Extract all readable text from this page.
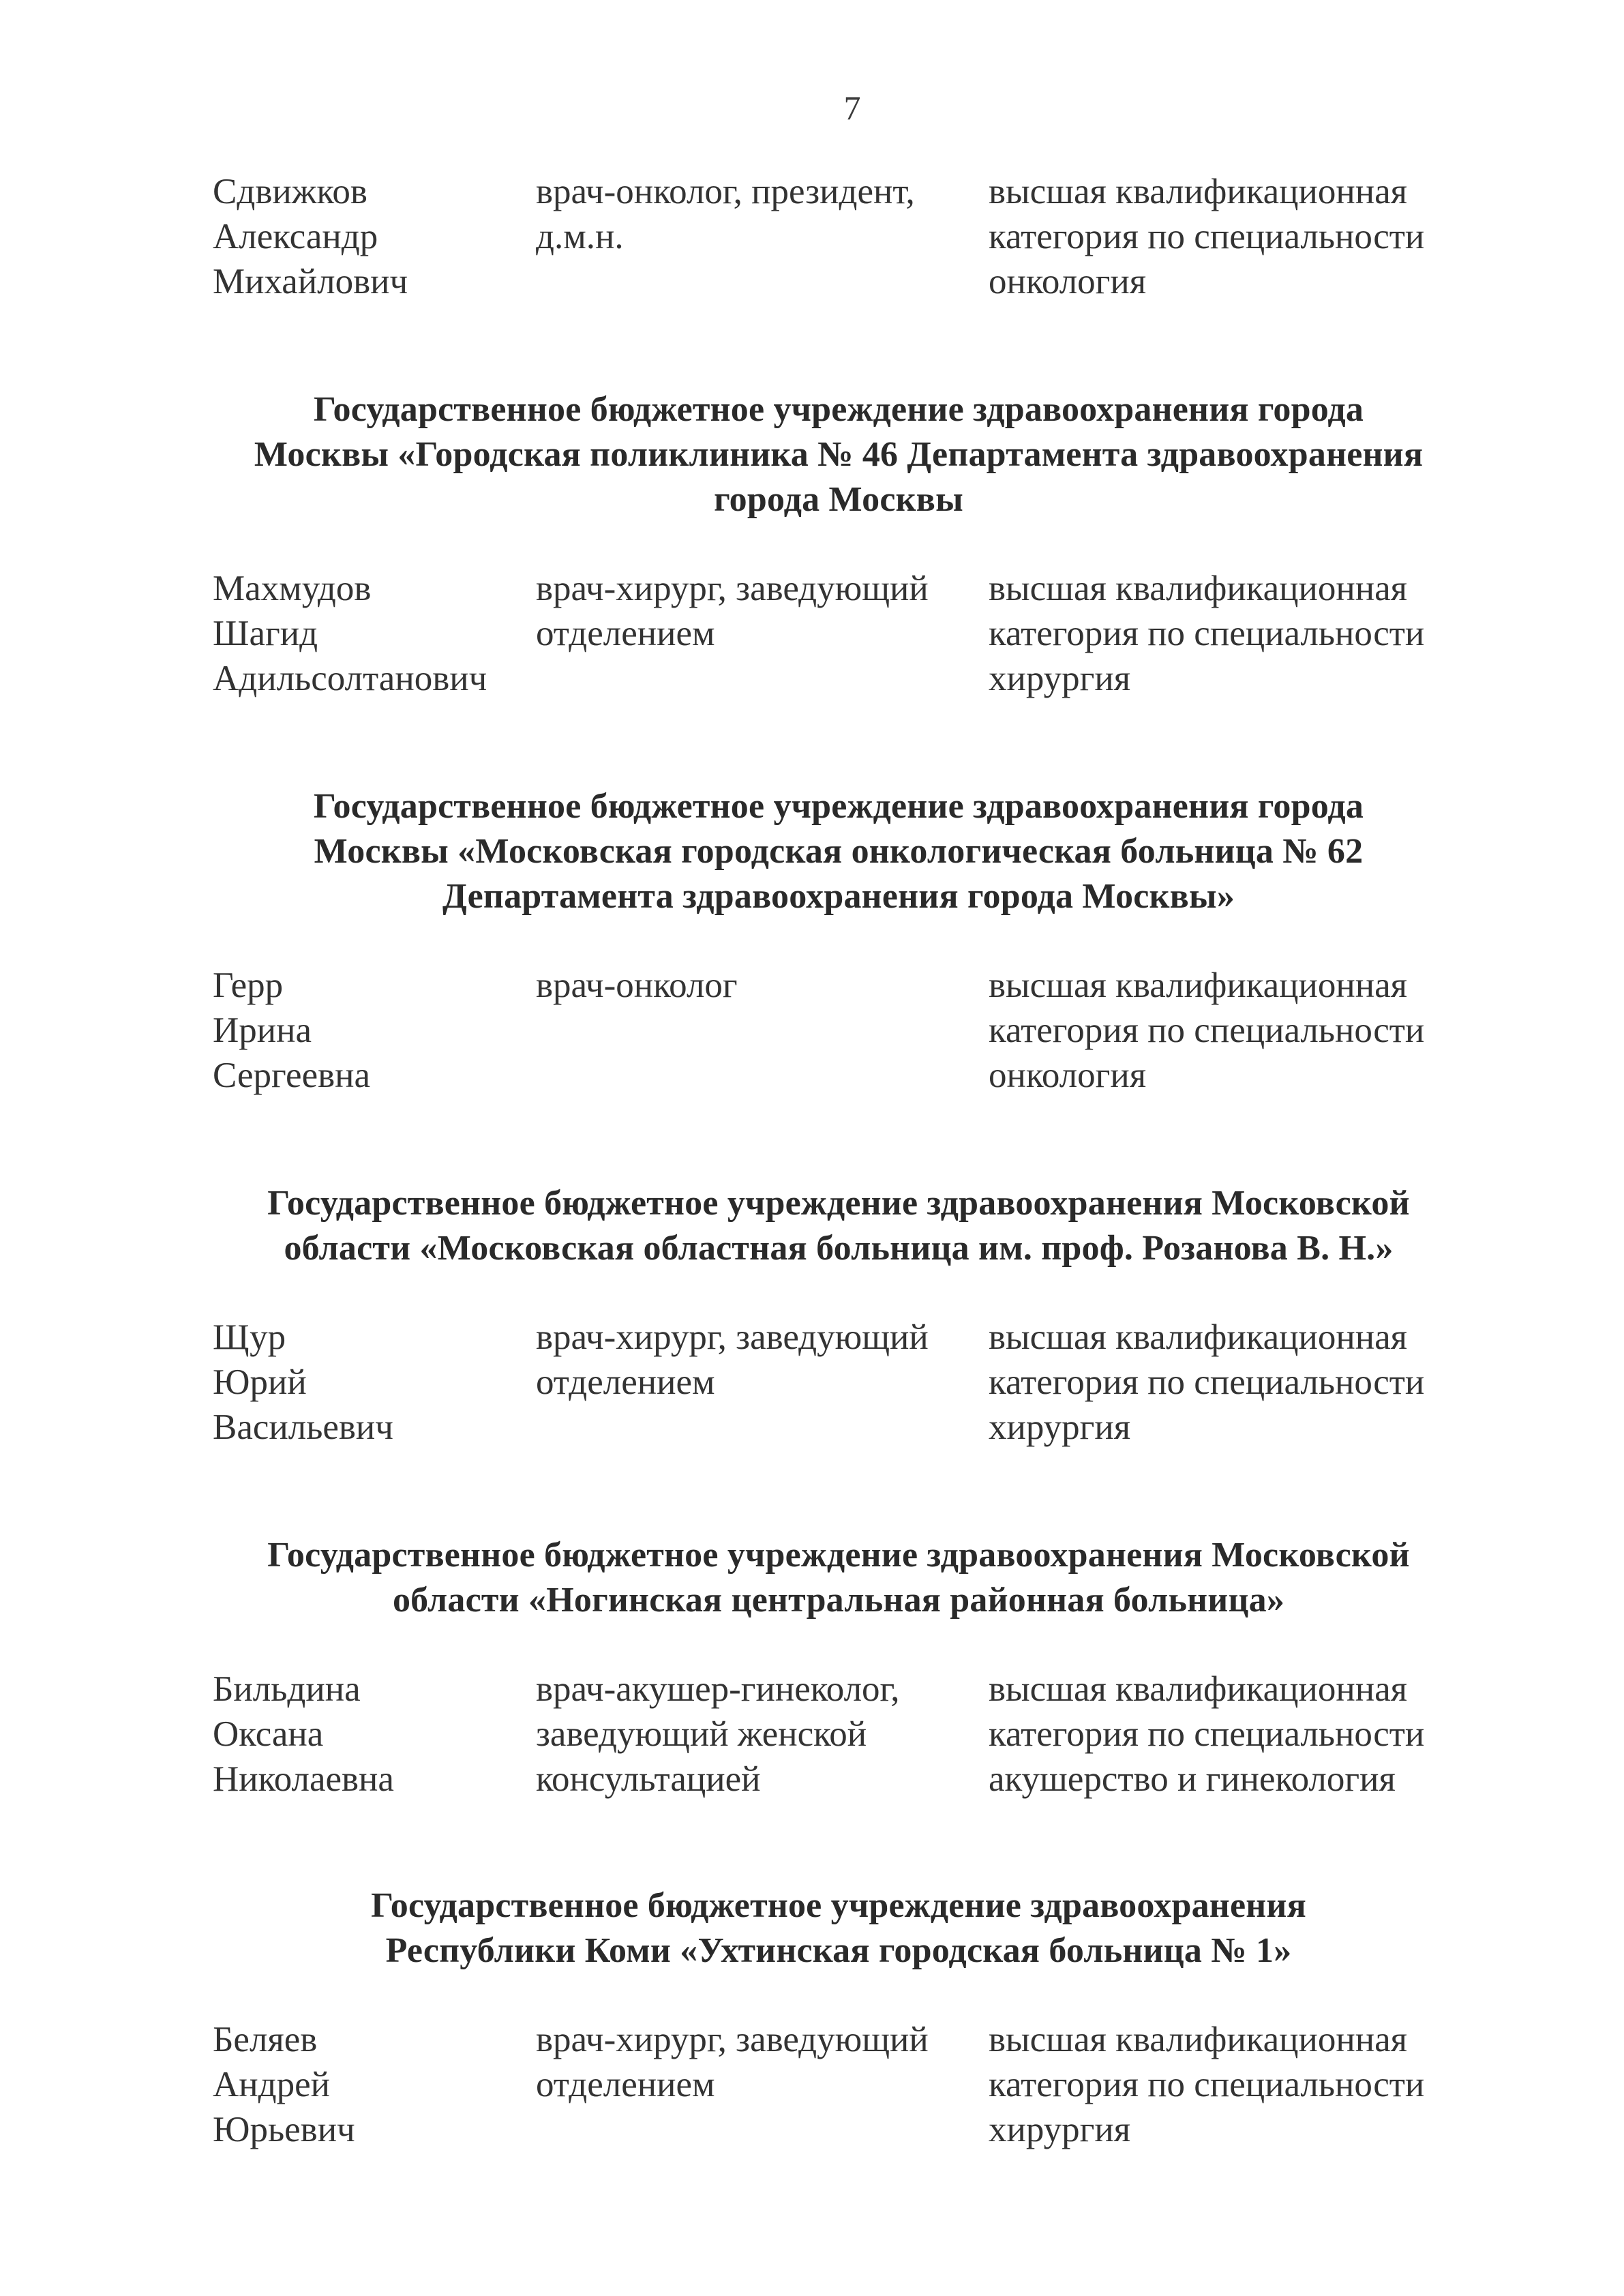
7
Сдвижков
Александр
Михайлович
врач-онколог, президент,
д.м.н.
высшая квалификационная
категория по специальности
онкология
Государственное бюджетное учреждение здравоохранения города
Москвы «Городская поликлиника № 46 Департамента здравоохранения
города Москвы
Махмудов
Шагид
Адильсолтанович
врач-хирург, заведующий
отделением
высшая квалификационная
категория по специальности
хирургия
Государственное бюджетное учреждение здравоохранения города
Москвы «Московская городская онкологическая больница № 62
Департамента здравоохранения города Москвы»
Герр
Ирина
Сергеевна
врач-онколог	высшая квалификационная
категория по специальности
онкология
Государственное бюджетное учреждение здравоохранения Московской
области «Московская областная больница им. проф. Розанова В. Н.»
Щур
Юрий
Васильевич
врач-хирург, заведующий
отделением
высшая квалификационная
категория по специальности
хирургия
Государственное бюджетное учреждение здравоохранения Московской
области «Ногинская центральная районная больница»
Бильдина
Оксана
Николаевна
врач-акушер-гинеколог,
заведующий женской
консультацией
высшая квалификационная
категория по специальности
акушерство и гинекология
Государственное бюджетное учреждение здравоохранения
Республики Коми «Ухтинская городская больница № 1»
Беляев
Андрей
Юрьевич
врач-хирург, заведующий
отделением
высшая квалификационная
категория по специальности
хирургия
